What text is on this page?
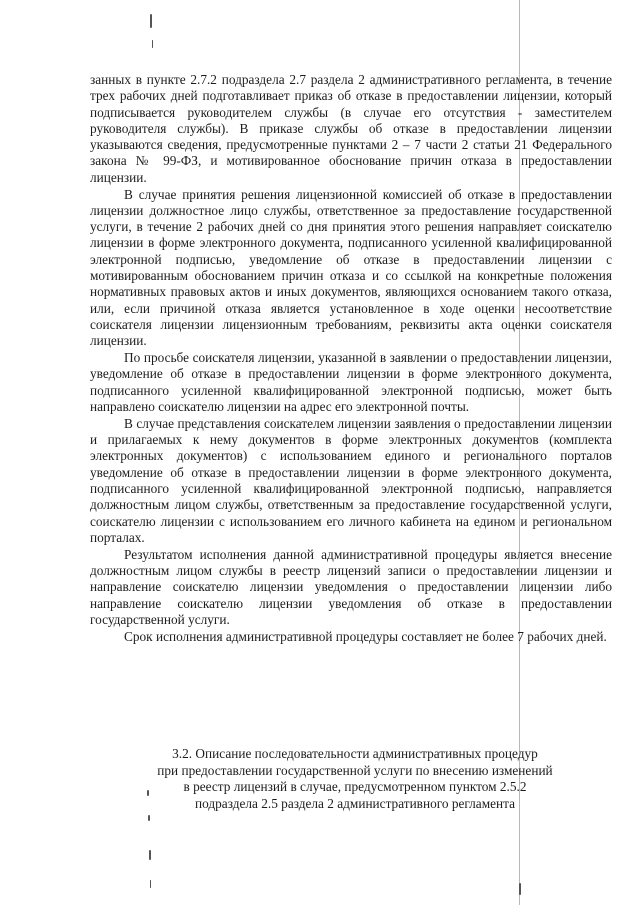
занных в пункте 2.7.2 подраздела 2.7 раздела 2 административного регламента, в течение трех рабочих дней подготавливает приказ об отказе в предоставлении лицензии, который подписывается руководителем службы (в случае его отсутствия - заместителем руководителя службы). В приказе службы об отказе в предоставлении лицензии указываются сведения, предусмотренные пунктами 2 – 7 части 2 статьи 21 Федерального закона № 99-ФЗ, и мотивированное обоснование причин отказа в предоставлении лицензии.

В случае принятия решения лицензионной комиссией об отказе в предоставлении лицензии должностное лицо службы, ответственное за предоставление государственной услуги, в течение 2 рабочих дней со дня принятия этого решения направляет соискателю лицензии в форме электронного документа, подписанного усиленной квалифицированной электронной подписью, уведомление об отказе в предоставлении лицензии с мотивированным обоснованием причин отказа и со ссылкой на конкретные положения нормативных правовых актов и иных документов, являющихся основанием такого отказа, или, если причиной отказа является установленное в ходе оценки несоответствие соискателя лицензии лицензионным требованиям, реквизиты акта оценки соискателя лицензии.

По просьбе соискателя лицензии, указанной в заявлении о предоставлении лицензии, уведомление об отказе в предоставлении лицензии в форме электронного документа, подписанного усиленной квалифицированной электронной подписью, может быть направлено соискателю лицензии на адрес его электронной почты.

В случае представления соискателем лицензии заявления о предоставлении лицензии и прилагаемых к нему документов в форме электронных документов (комплекта электронных документов) с использованием единого и регионального порталов уведомление об отказе в предоставлении лицензии в форме электронного документа, подписанного усиленной квалифицированной электронной подписью, направляется должностным лицом службы, ответственным за предоставление государственной услуги, соискателю лицензии с использованием его личного кабинета на едином и региональном порталах.

Результатом исполнения данной административной процедуры является внесение должностным лицом службы в реестр лицензий записи о предоставлении лицензии и направление соискателю лицензии уведомления о предоставлении лицензии либо направление соискателю лицензии уведомления об отказе в предоставлении государственной услуги.

Срок исполнения административной процедуры составляет не более 7 рабочих дней.

3.2. Описание последовательности административных процедур
при предоставлении государственной услуги по внесению изменений
в реестр лицензий в случае, предусмотренном пунктом 2.5.2
подраздела 2.5 раздела 2 административного регламента
